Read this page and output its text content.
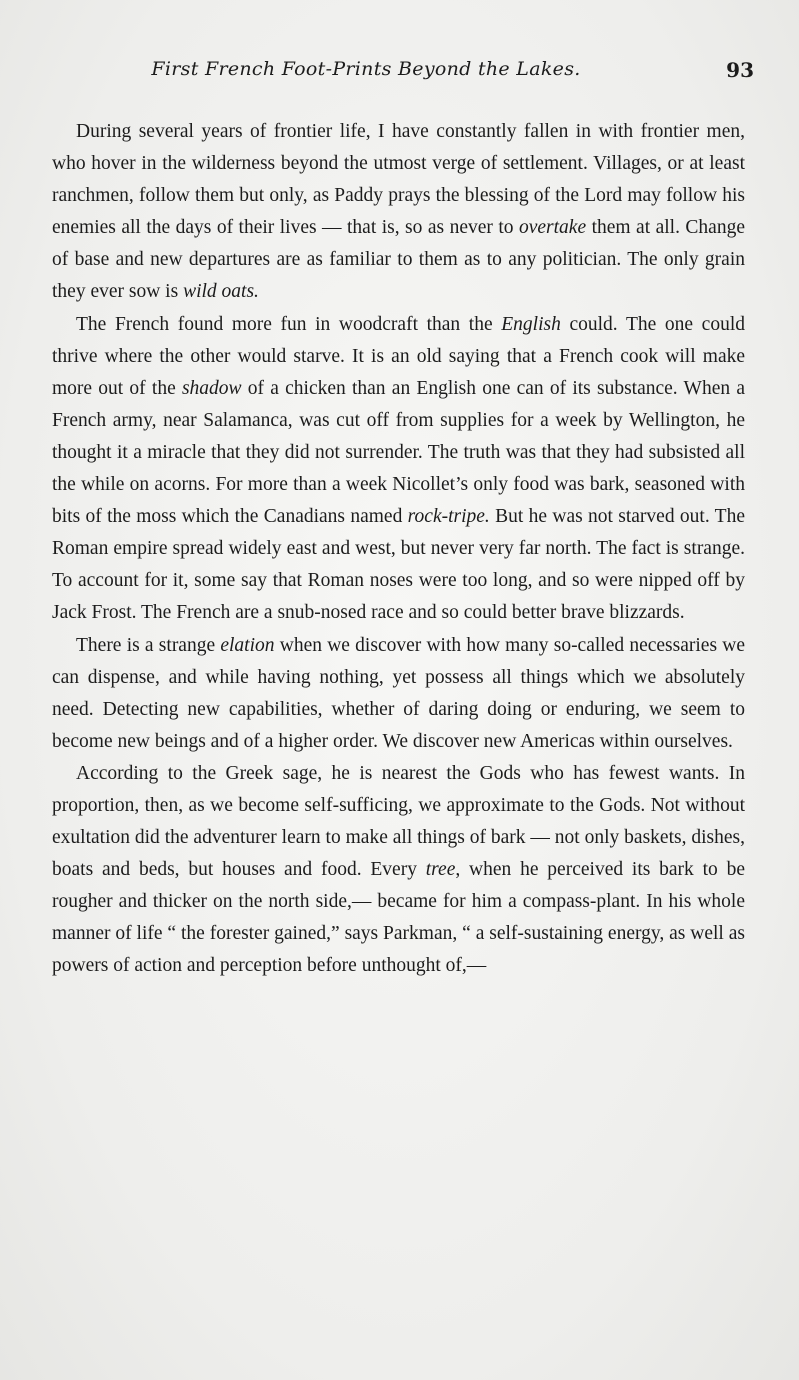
First French Foot-Prints Beyond the Lakes.	93

During several years of frontier life, I have constantly fallen in with frontier men, who hover in the wilderness beyond the utmost verge of settlement. Villages, or at least ranchmen, follow them but only, as Paddy prays the blessing of the Lord may follow his enemies all the days of their lives — that is, so as never to overtake them at all. Change of base and new departures are as familiar to them as to any politician. The only grain they ever sow is wild oats.

The French found more fun in woodcraft than the English could. The one could thrive where the other would starve. It is an old saying that a French cook will make more out of the shadow of a chicken than an English one can of its substance. When a French army, near Salamanca, was cut off from supplies for a week by Wellington, he thought it a miracle that they did not surrender. The truth was that they had subsisted all the while on acorns. For more than a week Nicollet’s only food was bark, seasoned with bits of the moss which the Canadians named rock-tripe. But he was not starved out. The Roman empire spread widely east and west, but never very far north. The fact is strange. To account for it, some say that Roman noses were too long, and so were nipped off by Jack Frost. The French are a snub-nosed race and so could better brave blizzards.

There is a strange elation when we discover with how many so-called necessaries we can dispense, and while having nothing, yet possess all things which we absolutely need. Detecting new capabilities, whether of daring doing or enduring, we seem to become new beings and of a higher order. We discover new Americas within ourselves.

According to the Greek sage, he is nearest the Gods who has fewest wants. In proportion, then, as we become self-sufficing, we approximate to the Gods. Not without exultation did the adventurer learn to make all things of bark — not only baskets, dishes, boats and beds, but houses and food. Every tree, when he perceived its bark to be rougher and thicker on the north side,— became for him a compass-plant. In his whole manner of life “ the forester gained,” says Parkman, “ a self-sustaining energy, as well as powers of action and perception before unthought of,—
